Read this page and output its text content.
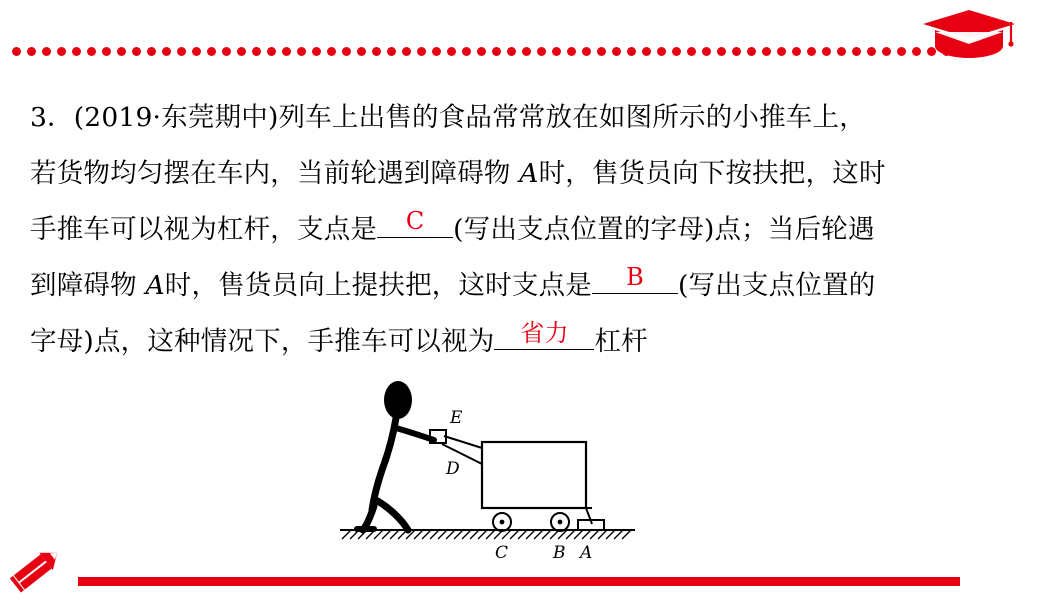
3．(2019·东莞期中)列车上出售的食品常常放在如图所示的小推车上，
若货物均匀摆在车内，当前轮遇到障碍物 A时，售货员向下按扶把，这时
手推车可以视为杠杆，支点是	C	(写出支点位置的字母)点；当后轮遇
到障碍物 A时，售货员向上提扶把，这时支点是	B	(写出支点位置的
字母)点，这种情况下，手推车可以视为	省力 杠杆
E
D
C	B A
